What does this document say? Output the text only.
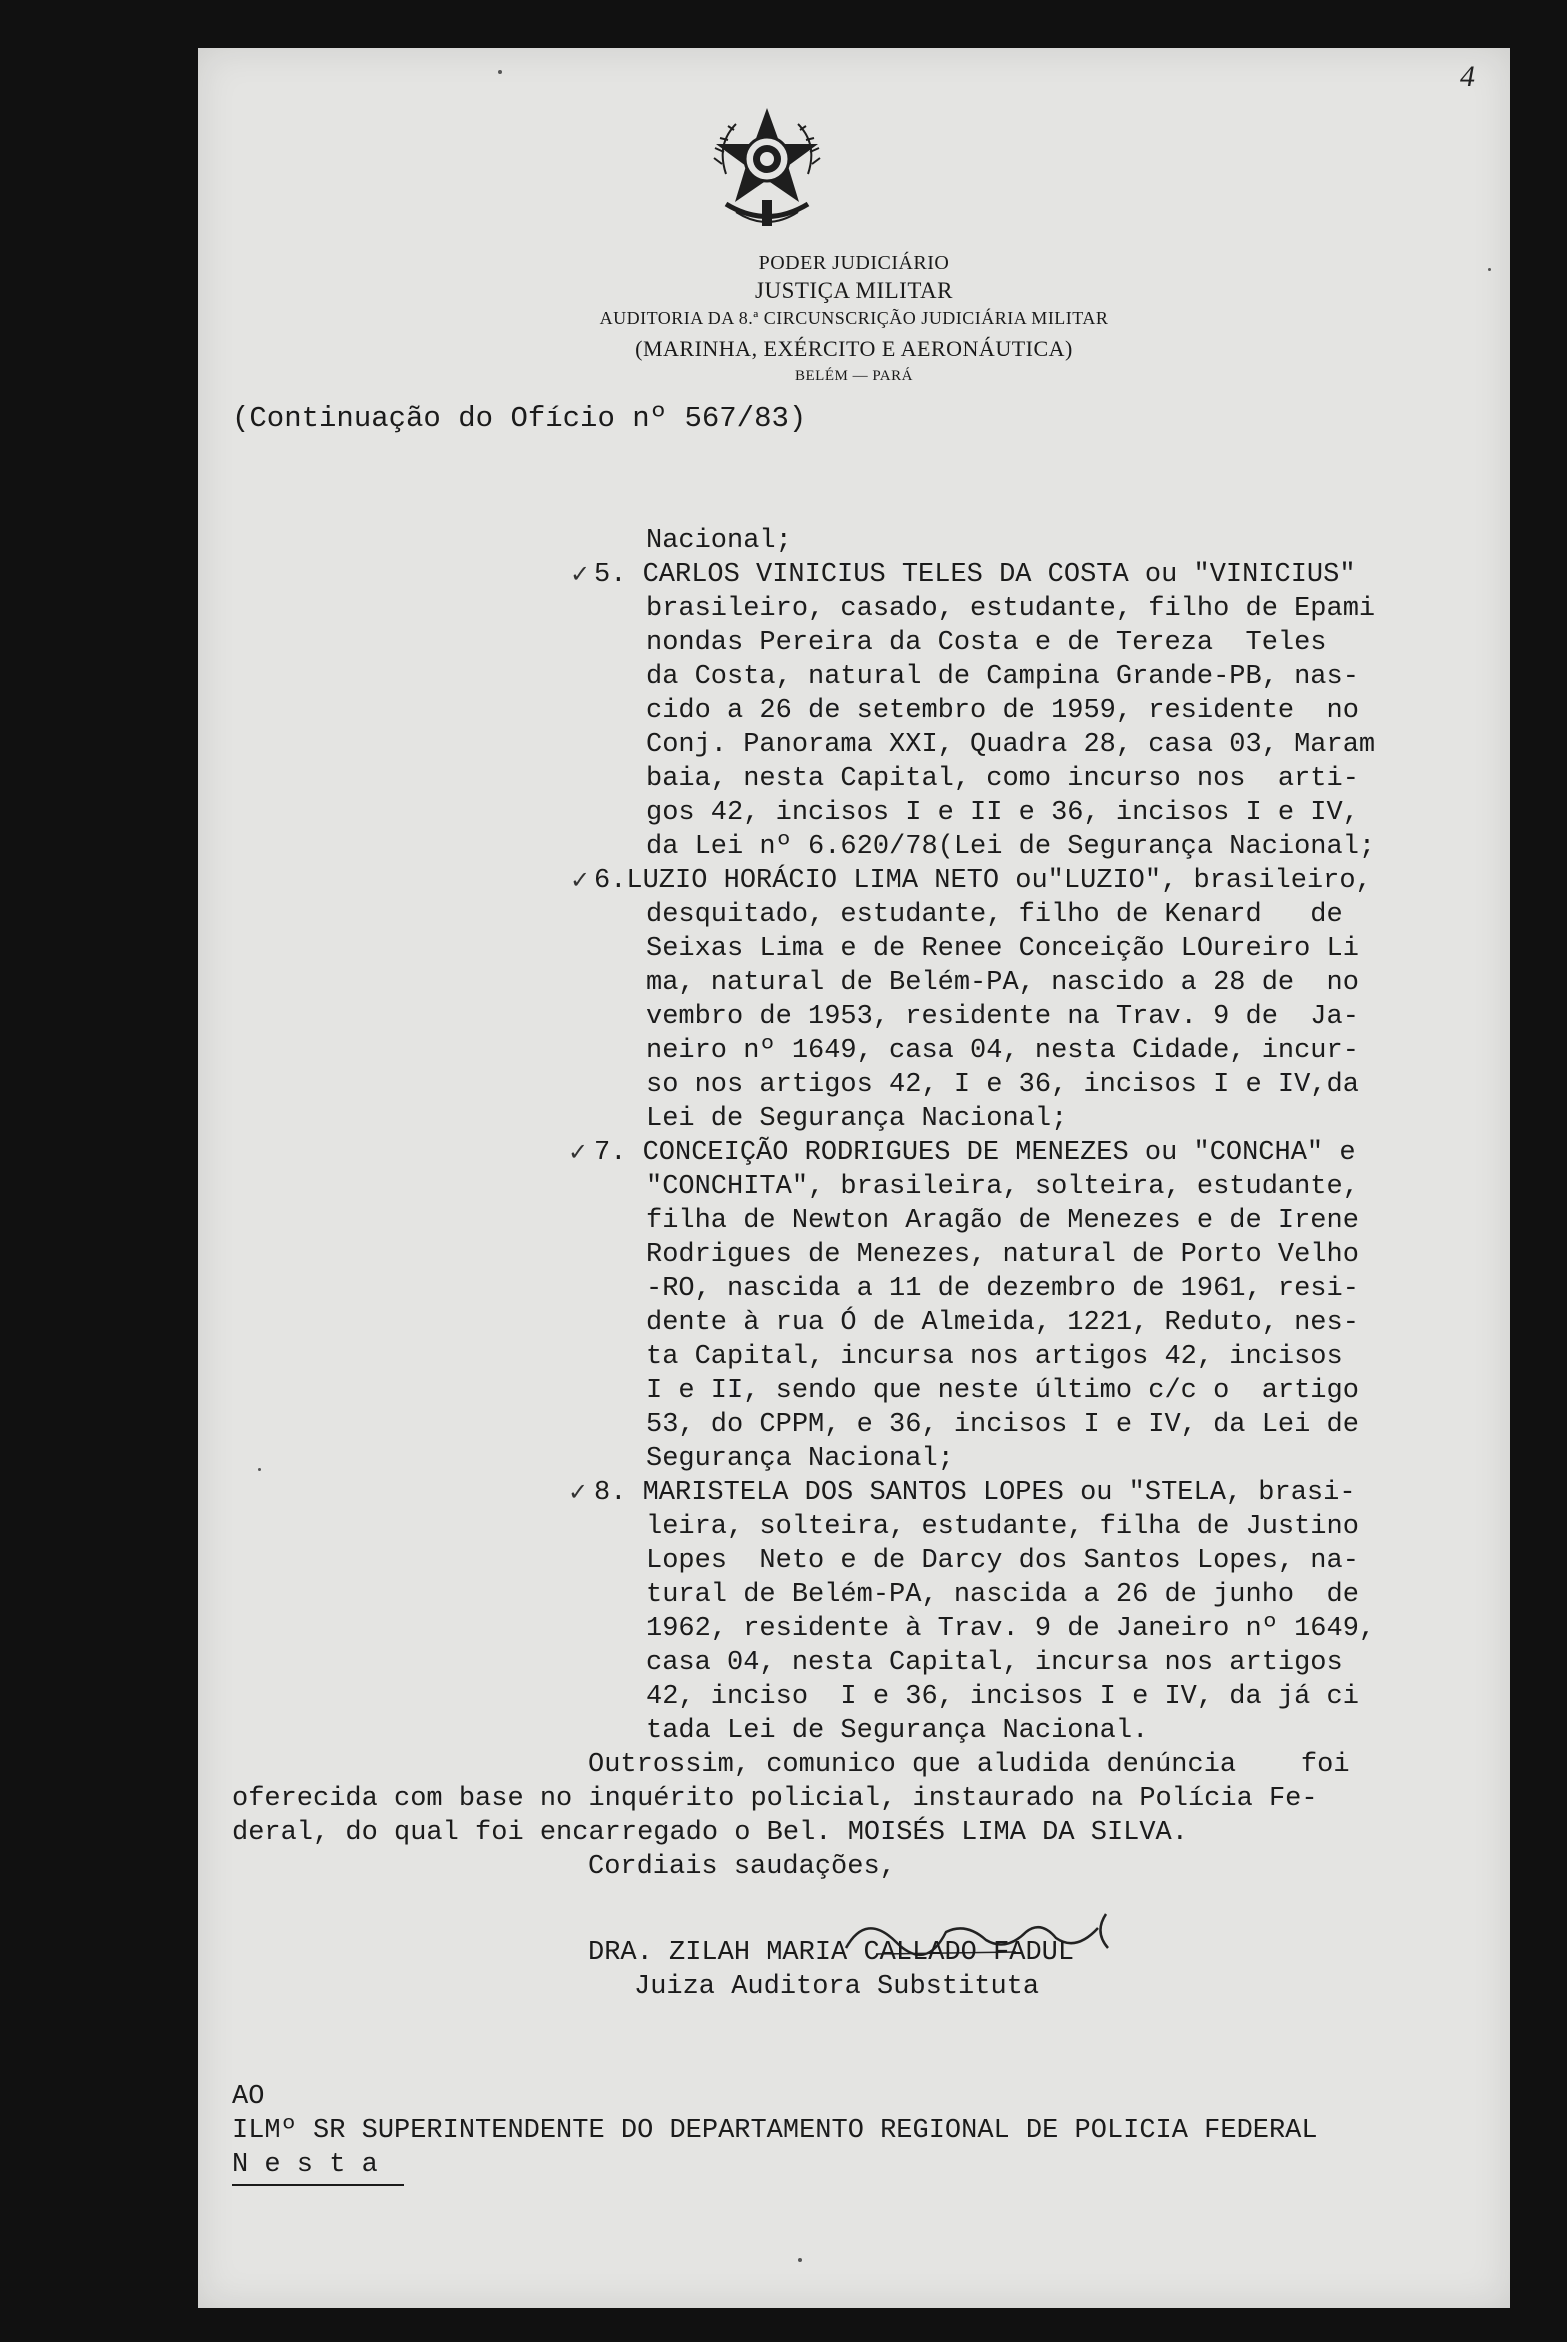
4
PODER JUDICIÁRIO
JUSTIÇA MILITAR
AUDITORIA DA 8.ª CIRCUNSCRIÇÃO JUDICIÁRIA MILITAR
(MARINHA, EXÉRCITO E AERONÁUTICA)
BELÉM — PARÁ
(Continuação do Ofício nº 567/83)
Nacional;
5. CARLOS VINICIUS TELES DA COSTA ou "VINICIUS"
brasileiro, casado, estudante, filho de Epami
nondas Pereira da Costa e de Tereza  Teles
da Costa, natural de Campina Grande-PB, nas-
cido a 26 de setembro de 1959, residente  no
Conj. Panorama XXI, Quadra 28, casa 03, Maram
baia, nesta Capital, como incurso nos  arti-
gos 42, incisos I e II e 36, incisos I e IV,
da Lei nº 6.620/78(Lei de Segurança Nacional;
6.LUZIO HORÁCIO LIMA NETO ou"LUZIO", brasileiro,
desquitado, estudante, filho de Kenard   de
Seixas Lima e de Renee Conceição LOureiro Li
ma, natural de Belém-PA, nascido a 28 de  no
vembro de 1953, residente na Trav. 9 de  Ja-
neiro nº 1649, casa 04, nesta Cidade, incur-
so nos artigos 42, I e 36, incisos I e IV,da
Lei de Segurança Nacional;
7. CONCEIÇÃO RODRIGUES DE MENEZES ou "CONCHA" e
"CONCHITA", brasileira, solteira, estudante,
filha de Newton Aragão de Menezes e de Irene
Rodrigues de Menezes, natural de Porto Velho
-RO, nascida a 11 de dezembro de 1961, resi-
dente à rua Ó de Almeida, 1221, Reduto, nes-
ta Capital, incursa nos artigos 42, incisos
I e II, sendo que neste último c/c o  artigo
53, do CPPM, e 36, incisos I e IV, da Lei de
Segurança Nacional;
8. MARISTELA DOS SANTOS LOPES ou "STELA, brasi-
leira, solteira, estudante, filha de Justino
Lopes  Neto e de Darcy dos Santos Lopes, na-
tural de Belém-PA, nascida a 26 de junho  de
1962, residente à Trav. 9 de Janeiro nº 1649,
casa 04, nesta Capital, incursa nos artigos
42, inciso  I e 36, incisos I e IV, da já ci
tada Lei de Segurança Nacional.
✓
✓
✓
✓
Outrossim, comunico que aludida denúncia    foi
oferecida com base no inquérito policial, instaurado na Polícia Fe-
deral, do qual foi encarregado o Bel. MOISÉS LIMA DA SILVA.
Cordiais saudações,
DRA. ZILAH MARIA CALLADO FADUL
Juiza Auditora Substituta
AO
ILMº SR SUPERINTENDENTE DO DEPARTAMENTO REGIONAL DE POLICIA FEDERAL
N e s t a
